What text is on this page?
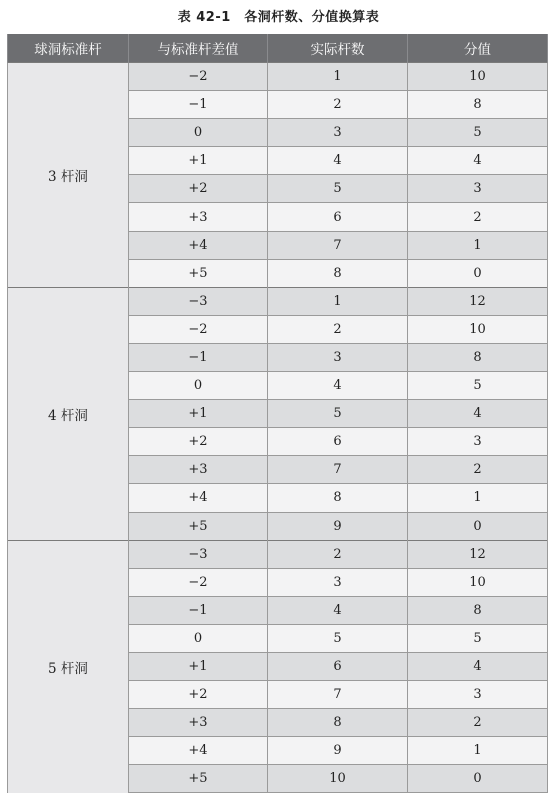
表 42-1　各洞杆数、分值换算表
球洞标准杆	与标准杆差值	实际杆数	分值
3 杆洞	−2	1	10
	−1	2	8
	0	3	5
	+1	4	4
	+2	5	3
	+3	6	2
	+4	7	1
	+5	8	0
4 杆洞	−3	1	12
	−2	2	10
	−1	3	8
	0	4	5
	+1	5	4
	+2	6	3
	+3	7	2
	+4	8	1
	+5	9	0
5 杆洞	−3	2	12
	−2	3	10
	−1	4	8
	0	5	5
	+1	6	4
	+2	7	3
	+3	8	2
	+4	9	1
	+5	10	0
